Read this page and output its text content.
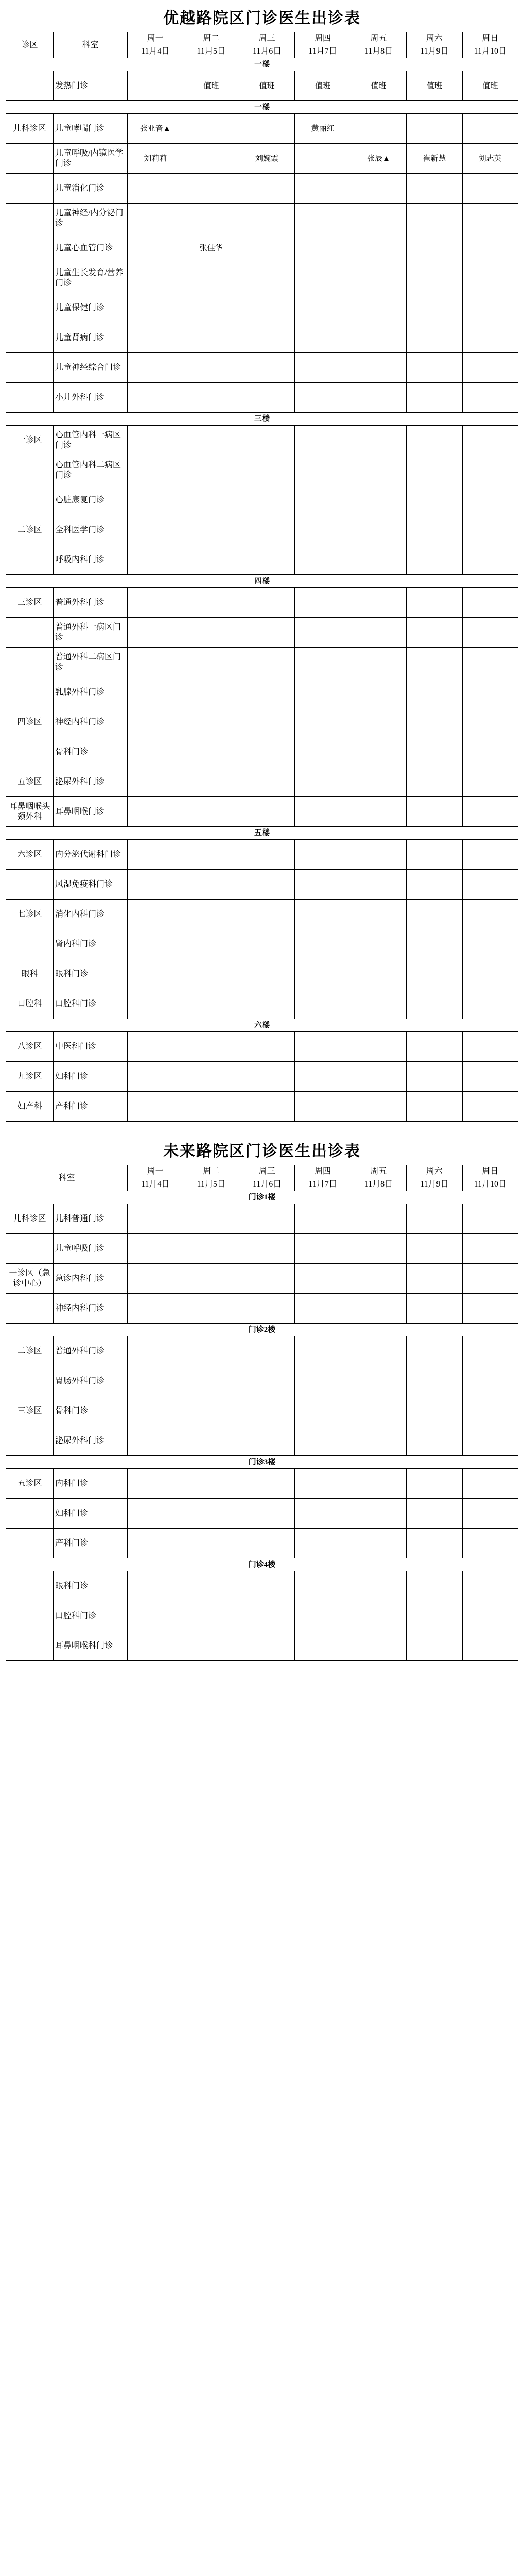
优越路院区门诊医生出诊表
诊区	科室	周一	周二	周三	周四	周五	周六	周日
		11月4日	11月5日	11月6日	11月7日	11月8日	11月9日	11月10日
一楼								
	发热门诊		值班	值班	值班	值班	值班	值班
一楼								
儿科诊区	儿童哮喘门诊	张亚音▲			黄丽红			
	儿童呼吸/内镜医学门诊	刘莉莉		刘婉霞		张辰▲	崔新慧	刘志英
	儿童消化门诊							
	儿童神经/内分泌门诊							
	儿童心血管门诊		张佳华					
	儿童生长发育/营养门诊							
	儿童保健门诊							
	儿童肾病门诊							
	儿童神经综合门诊							
	小儿外科门诊							
三楼								
一诊区	心血管内科一病区门诊							
	心血管内科二病区门诊							
	心脏康复门诊							
二诊区	全科医学门诊							
	呼吸内科门诊							
四楼								
三诊区	普通外科门诊							
	普通外科一病区门诊							
	普通外科二病区门诊							
	乳腺外科门诊							
四诊区	神经内科门诊							
	骨科门诊							
五诊区	泌尿外科门诊							
耳鼻咽喉头颈外科	耳鼻咽喉门诊							
五楼								
六诊区	内分泌代谢科门诊							
	风湿免疫科门诊							
七诊区	消化内科门诊							
	肾内科门诊							
眼科	眼科门诊							
口腔科	口腔科门诊							
六楼								
八诊区	中医科门诊							
九诊区	妇科门诊							
妇产科	产科门诊							
未来路院区门诊医生出诊表
科室		周一	周二	周三	周四	周五	周六	周日
		11月4日	11月5日	11月6日	11月7日	11月8日	11月9日	11月10日
门诊1楼								
儿科诊区	儿科普通门诊							
	儿童呼吸门诊							
一诊区（急诊中心）	急诊内科门诊							
	神经内科门诊							
门诊2楼								
二诊区	普通外科门诊							
	胃肠外科门诊							
三诊区	骨科门诊							
	泌尿外科门诊							
门诊3楼								
五诊区	内科门诊							
	妇科门诊							
	产科门诊							
门诊4楼								
	眼科门诊							
	口腔科门诊							
	耳鼻咽喉科门诊							
